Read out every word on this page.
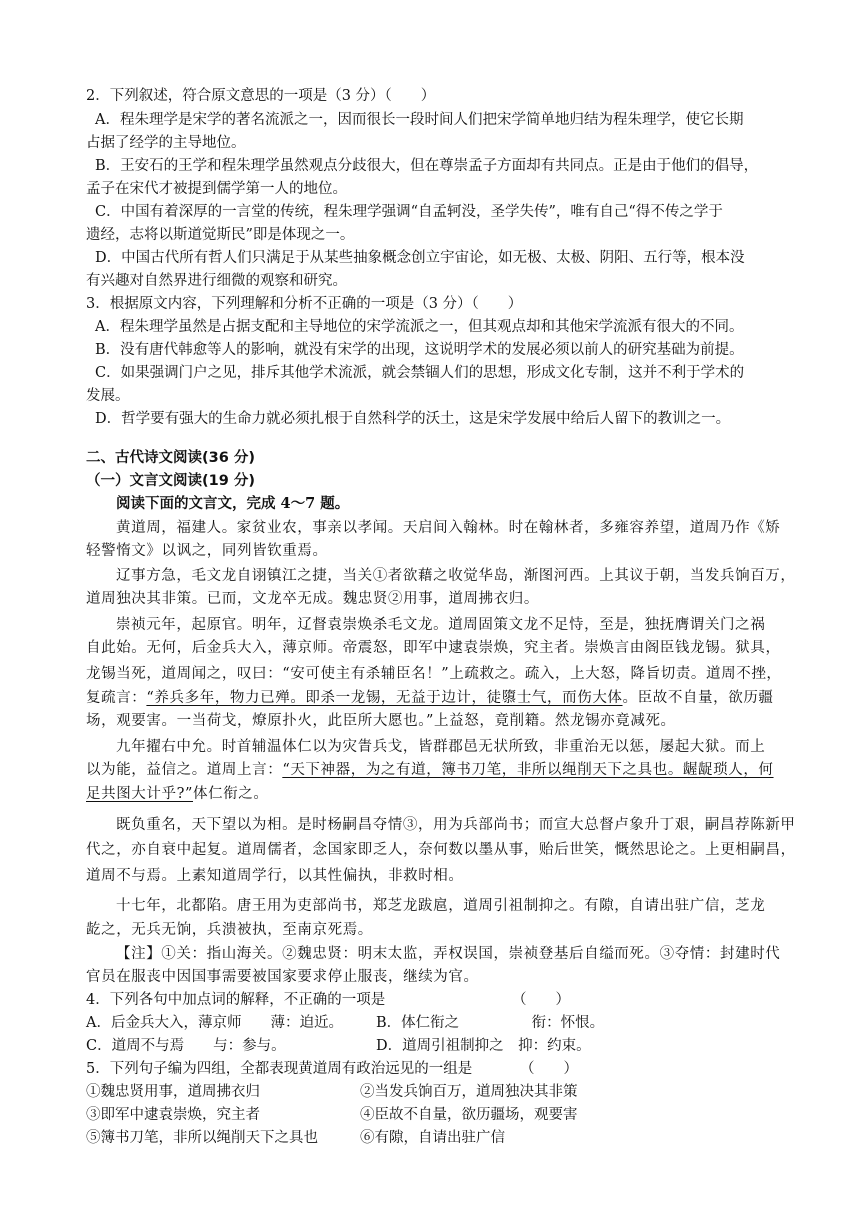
2．下列叙述，符合原文意思的一项是（3 分）（　　）
A．程朱理学是宋学的著名流派之一，因而很长一段时间人们把宋学简单地归结为程朱理学，使它长期
占据了经学的主导地位。
B．王安石的王学和程朱理学虽然观点分歧很大，但在尊崇孟子方面却有共同点。正是由于他们的倡导，
孟子在宋代才被提到儒学第一人的地位。
C．中国有着深厚的一言堂的传统，程朱理学强调“自孟轲没，圣学失传”，唯有自己“得不传之学于
遗经，志将以斯道觉斯民”即是体现之一。
D．中国古代所有哲人们只满足于从某些抽象概念创立宇宙论，如无极、太极、阴阳、五行等，根本没
有兴趣对自然界进行细微的观察和研究。
3．根据原文内容，下列理解和分析不正确的一项是（3 分）（　　）
A．程朱理学虽然是占据支配和主导地位的宋学流派之一，但其观点却和其他宋学流派有很大的不同。
B．没有唐代韩愈等人的影响，就没有宋学的出现，这说明学术的发展必须以前人的研究基础为前提。
C．如果强调门户之见，排斥其他学术流派，就会禁锢人们的思想，形成文化专制，这并不利于学术的
发展。
D．哲学要有强大的生命力就必须扎根于自然科学的沃土，这是宋学发展中给后人留下的教训之一。
二、古代诗文阅读(36 分)
（一）文言文阅读(19 分)
阅读下面的文言文，完成 4～7 题。
黄道周，福建人。家贫业农，事亲以孝闻。天启间入翰林。时在翰林者，多雍容养望，道周乃作《矫
轻警惰文》以讽之，同列皆钦重焉。
辽事方急，毛文龙自诩镇江之捷，当关①者欲藉之收觉华岛，渐图河西。上其议于朝，当发兵饷百万，
道周独决其非策。已而，文龙卒无成。魏忠贤②用事，道周拂衣归。
崇祯元年，起原官。明年，辽督袁崇焕杀毛文龙。道周固策文龙不足恃，至是，独抚膺谓关门之祸
自此始。无何，后金兵大入，薄京师。帝震怒，即军中逮袁崇焕，究主者。崇焕言由阁臣钱龙锡。狱具，
龙锡当死，道周闻之，叹曰：“安可使主有杀辅臣名！”上疏救之。疏入，上大怒，降旨切责。道周不挫，
复疏言：“养兵多年，物力已殚。即杀一龙锡，无益于边计，徒隳士气，而伤大体。臣故不自量，欲历疆
场，观要害。一当荷戈，燎原扑火，此臣所大愿也。”上益怒，竟削籍。然龙锡亦竟减死。
九年擢右中允。时首辅温体仁以为灾眚兵戈，皆群郡邑无状所致，非重治无以惩，屡起大狱。而上
以为能，益信之。道周上言：“天下神器，为之有道，簿书刀笔，非所以绳削天下之具也。龌龊琐人，何
足共图大计乎?”体仁衔之。
既负重名，天下望以为相。是时杨嗣昌夺情③，用为兵部尚书；而宣大总督卢象升丁艰，嗣昌荐陈新甲
代之，亦自衰中起复。道周儒者，念国家即乏人，奈何数以墨从事，贻后世笑，慨然思论之。上更相嗣昌，
道周不与焉。上素知道周学行，以其性偏执，非救时相。
十七年，北都陷。唐王用为吏部尚书，郑芝龙跋扈，道周引祖制抑之。有隙，自请出驻广信，芝龙
龁之，无兵无饷，兵溃被执，至南京死焉。
【注】①关：指山海关。②魏忠贤：明末太监，弄权误国，崇祯登基后自缢而死。③夺情：封建时代
官员在服丧中因国事需要被国家要求停止服丧，继续为官。
4．下列各句中加点词的解释，不正确的一项是	（　　）
A．后金兵大入，薄京师　　薄：迫近。 B．体仁衔之　　　　　衔：怀恨。
C．道周不与焉　　与：参与。	D．道周引祖制抑之　抑：约束。
5．下列句子编为四组，全都表现黄道周有政治远见的一组是	（　　）
①魏忠贤用事，道周拂衣归	②当发兵饷百万，道周独决其非策
③即军中逮袁崇焕，究主者	④臣故不自量，欲历疆场，观要害
⑤簿书刀笔，非所以绳削天下之具也	⑥有隙，自请出驻广信
